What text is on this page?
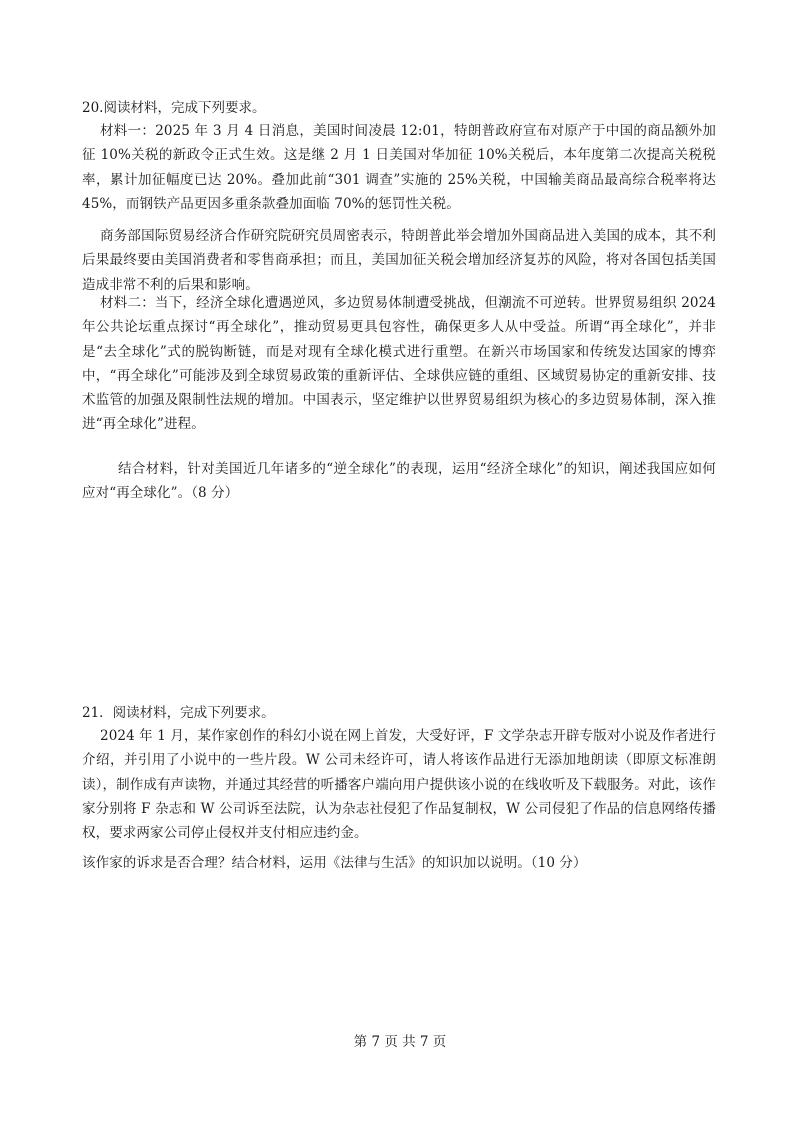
20.阅读材料，完成下列要求。

材料一：2025 年 3 月 4 日消息，美国时间凌晨 12:01，特朗普政府宣布对原产于中国的商品额外加征 10%关税的新政令正式生效。这是继 2 月 1 日美国对华加征 10%关税后，本年度第二次提高关税税率，累计加征幅度已达 20%。叠加此前“301 调查”实施的 25%关税，中国输美商品最高综合税率将达 45%，而钢铁产品更因多重条款叠加面临 70%的惩罚性关税。

商务部国际贸易经济合作研究院研究员周密表示，特朗普此举会增加外国商品进入美国的成本，其不利后果最终要由美国消费者和零售商承担；而且，美国加征关税会增加经济复苏的风险，将对各国包括美国造成非常不利的后果和影响。

材料二：当下，经济全球化遭遇逆风，多边贸易体制遭受挑战，但潮流不可逆转。世界贸易组织 2024 年公共论坛重点探讨“再全球化”，推动贸易更具包容性，确保更多人从中受益。所谓“再全球化”，并非是“去全球化”式的脱钩断链，而是对现有全球化模式进行重塑。在新兴市场国家和传统发达国家的博弈中，“再全球化”可能涉及到全球贸易政策的重新评估、全球供应链的重组、区域贸易协定的重新安排、技术监管的加强及限制性法规的增加。中国表示，坚定维护以世界贸易组织为核心的多边贸易体制，深入推进“再全球化”进程。

结合材料，针对美国近几年诸多的“逆全球化”的表现，运用“经济全球化”的知识，阐述我国应如何应对“再全球化”。（8 分）

21．阅读材料，完成下列要求。

2024 年 1 月，某作家创作的科幻小说在网上首发，大受好评，F 文学杂志开辟专版对小说及作者进行介绍，并引用了小说中的一些片段。W 公司未经许可，请人将该作品进行无添加地朗读（即原文标准朗读），制作成有声读物，并通过其经营的听播客户端向用户提供该小说的在线收听及下载服务。对此，该作家分别将 F 杂志和 W 公司诉至法院，认为杂志社侵犯了作品复制权，W 公司侵犯了作品的信息网络传播权，要求两家公司停止侵权并支付相应违约金。

该作家的诉求是否合理？结合材料，运用《法律与生活》的知识加以说明。（10 分）

第 7 页 共 7 页
